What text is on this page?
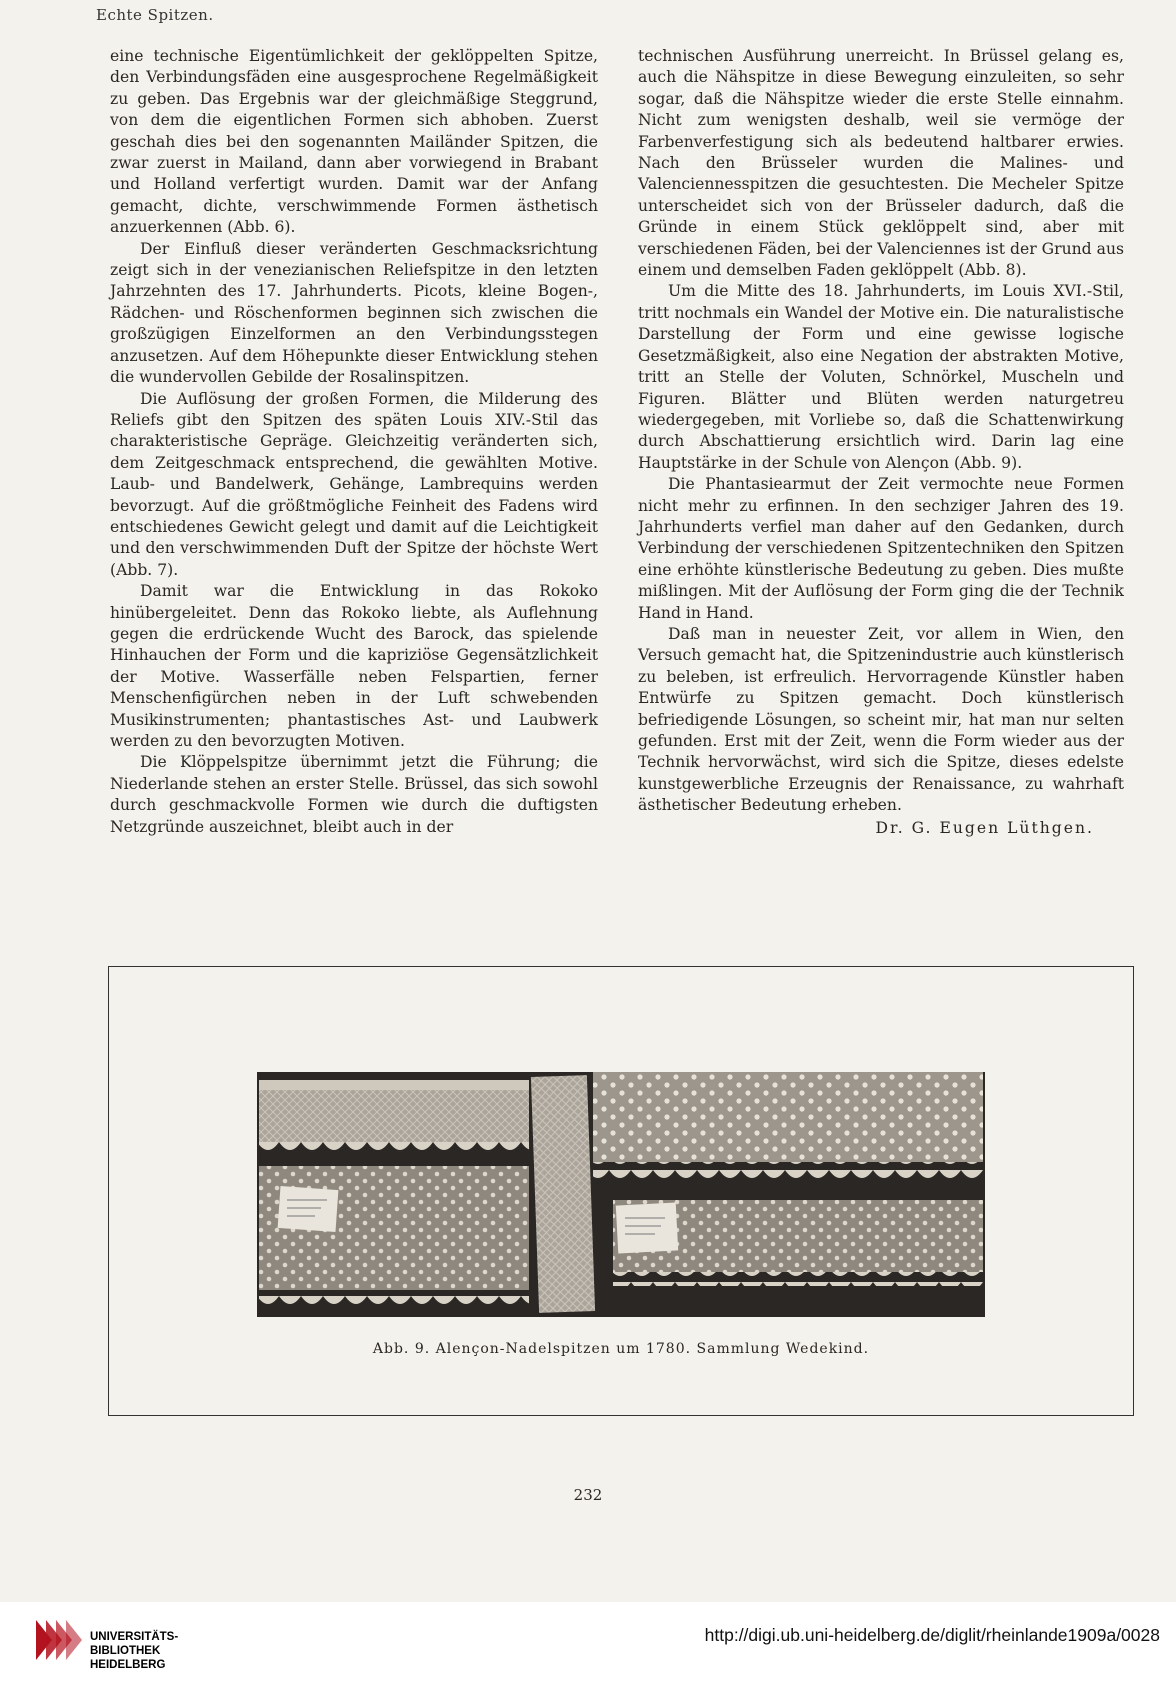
Echte Spitzen.

eine technische Eigentümlichkeit der geklöppelten Spitze, den Verbindungsfäden eine ausgesprochene Regelmäßigkeit zu geben. Das Ergebnis war der gleichmäßige Steggrund, von dem die eigentlichen Formen sich abhoben. Zuerst geschah dies bei den sogenannten Mailänder Spitzen, die zwar zuerst in Mailand, dann aber vorwiegend in Brabant und Holland verfertigt wurden. Damit war der Anfang gemacht, dichte, verschwimmende Formen ästhetisch anzuerkennen (Abb. 6).

Der Einfluß dieser veränderten Geschmacksrichtung zeigt sich in der venezianischen Reliefspitze in den letzten Jahrzehnten des 17. Jahrhunderts. Picots, kleine Bogen-, Rädchen- und Röschenformen beginnen sich zwischen die großzügigen Einzelformen an den Verbindungsstegen anzusetzen. Auf dem Höhepunkte dieser Entwicklung stehen die wundervollen Gebilde der Rosalinspitzen.

Die Auflösung der großen Formen, die Milderung des Reliefs gibt den Spitzen des späten Louis XIV.-Stil das charakteristische Gepräge. Gleichzeitig veränderten sich, dem Zeitgeschmack entsprechend, die gewählten Motive. Laub- und Bandelwerk, Gehänge, Lambrequins werden bevorzugt. Auf die größtmögliche Feinheit des Fadens wird entschiedenes Gewicht gelegt und damit auf die Leichtigkeit und den verschwimmenden Duft der Spitze der höchste Wert (Abb. 7).

Damit war die Entwicklung in das Rokoko hinübergeleitet. Denn das Rokoko liebte, als Auflehnung gegen die erdrückende Wucht des Barock, das spielende Hinhauchen der Form und die kapriziöse Gegensätzlichkeit der Motive. Wasserfälle neben Felspartien, ferner Menschenfigürchen neben in der Luft schwebenden Musikinstrumenten; phantastisches Ast- und Laubwerk werden zu den bevorzugten Motiven.

Die Klöppelspitze übernimmt jetzt die Führung; die Niederlande stehen an erster Stelle. Brüssel, das sich sowohl durch geschmackvolle Formen wie durch die duftigsten Netzgründe auszeichnet, bleibt auch in der

technischen Ausführung unerreicht. In Brüssel gelang es, auch die Nähspitze in diese Bewegung einzuleiten, so sehr sogar, daß die Nähspitze wieder die erste Stelle einnahm. Nicht zum wenigsten deshalb, weil sie vermöge der Farbenverfestigung sich als bedeutend haltbarer erwies. Nach den Brüsseler wurden die Malines- und Valenciennesspitzen die gesuchtesten. Die Mecheler Spitze unterscheidet sich von der Brüsseler dadurch, daß die Gründe in einem Stück geklöppelt sind, aber mit verschiedenen Fäden, bei der Valenciennes ist der Grund aus einem und demselben Faden geklöppelt (Abb. 8).

Um die Mitte des 18. Jahrhunderts, im Louis XVI.-Stil, tritt nochmals ein Wandel der Motive ein. Die naturalistische Darstellung der Form und eine gewisse logische Gesetzmäßigkeit, also eine Negation der abstrakten Motive, tritt an Stelle der Voluten, Schnörkel, Muscheln und Figuren. Blätter und Blüten werden naturgetreu wiedergegeben, mit Vorliebe so, daß die Schattenwirkung durch Abschattierung ersichtlich wird. Darin lag eine Hauptstärke in der Schule von Alençon (Abb. 9).

Die Phantasiearmut der Zeit vermochte neue Formen nicht mehr zu erfinnen. In den sechziger Jahren des 19. Jahrhunderts verfiel man daher auf den Gedanken, durch Verbindung der verschiedenen Spitzentechniken den Spitzen eine erhöhte künstlerische Bedeutung zu geben. Dies mußte mißlingen. Mit der Auflösung der Form ging die der Technik Hand in Hand.

Daß man in neuester Zeit, vor allem in Wien, den Versuch gemacht hat, die Spitzenindustrie auch künstlerisch zu beleben, ist erfreulich. Hervorragende Künstler haben Entwürfe zu Spitzen gemacht. Doch künstlerisch befriedigende Lösungen, so scheint mir, hat man nur selten gefunden. Erst mit der Zeit, wenn die Form wieder aus der Technik hervorwächst, wird sich die Spitze, dieses edelste kunstgewerbliche Erzeugnis der Renaissance, zu wahrhaft ästhetischer Bedeutung erheben.

Dr. G. Eugen Lüthgen.
Abb. 9. Alençon-Nadelspitzen um 1780. Sammlung Wedekind.
232
UNIVERSITÄTS-
BIBLIOTHEK
HEIDELBERG
http://digi.ub.uni-heidelberg.de/diglit/rheinlande1909a/0028
